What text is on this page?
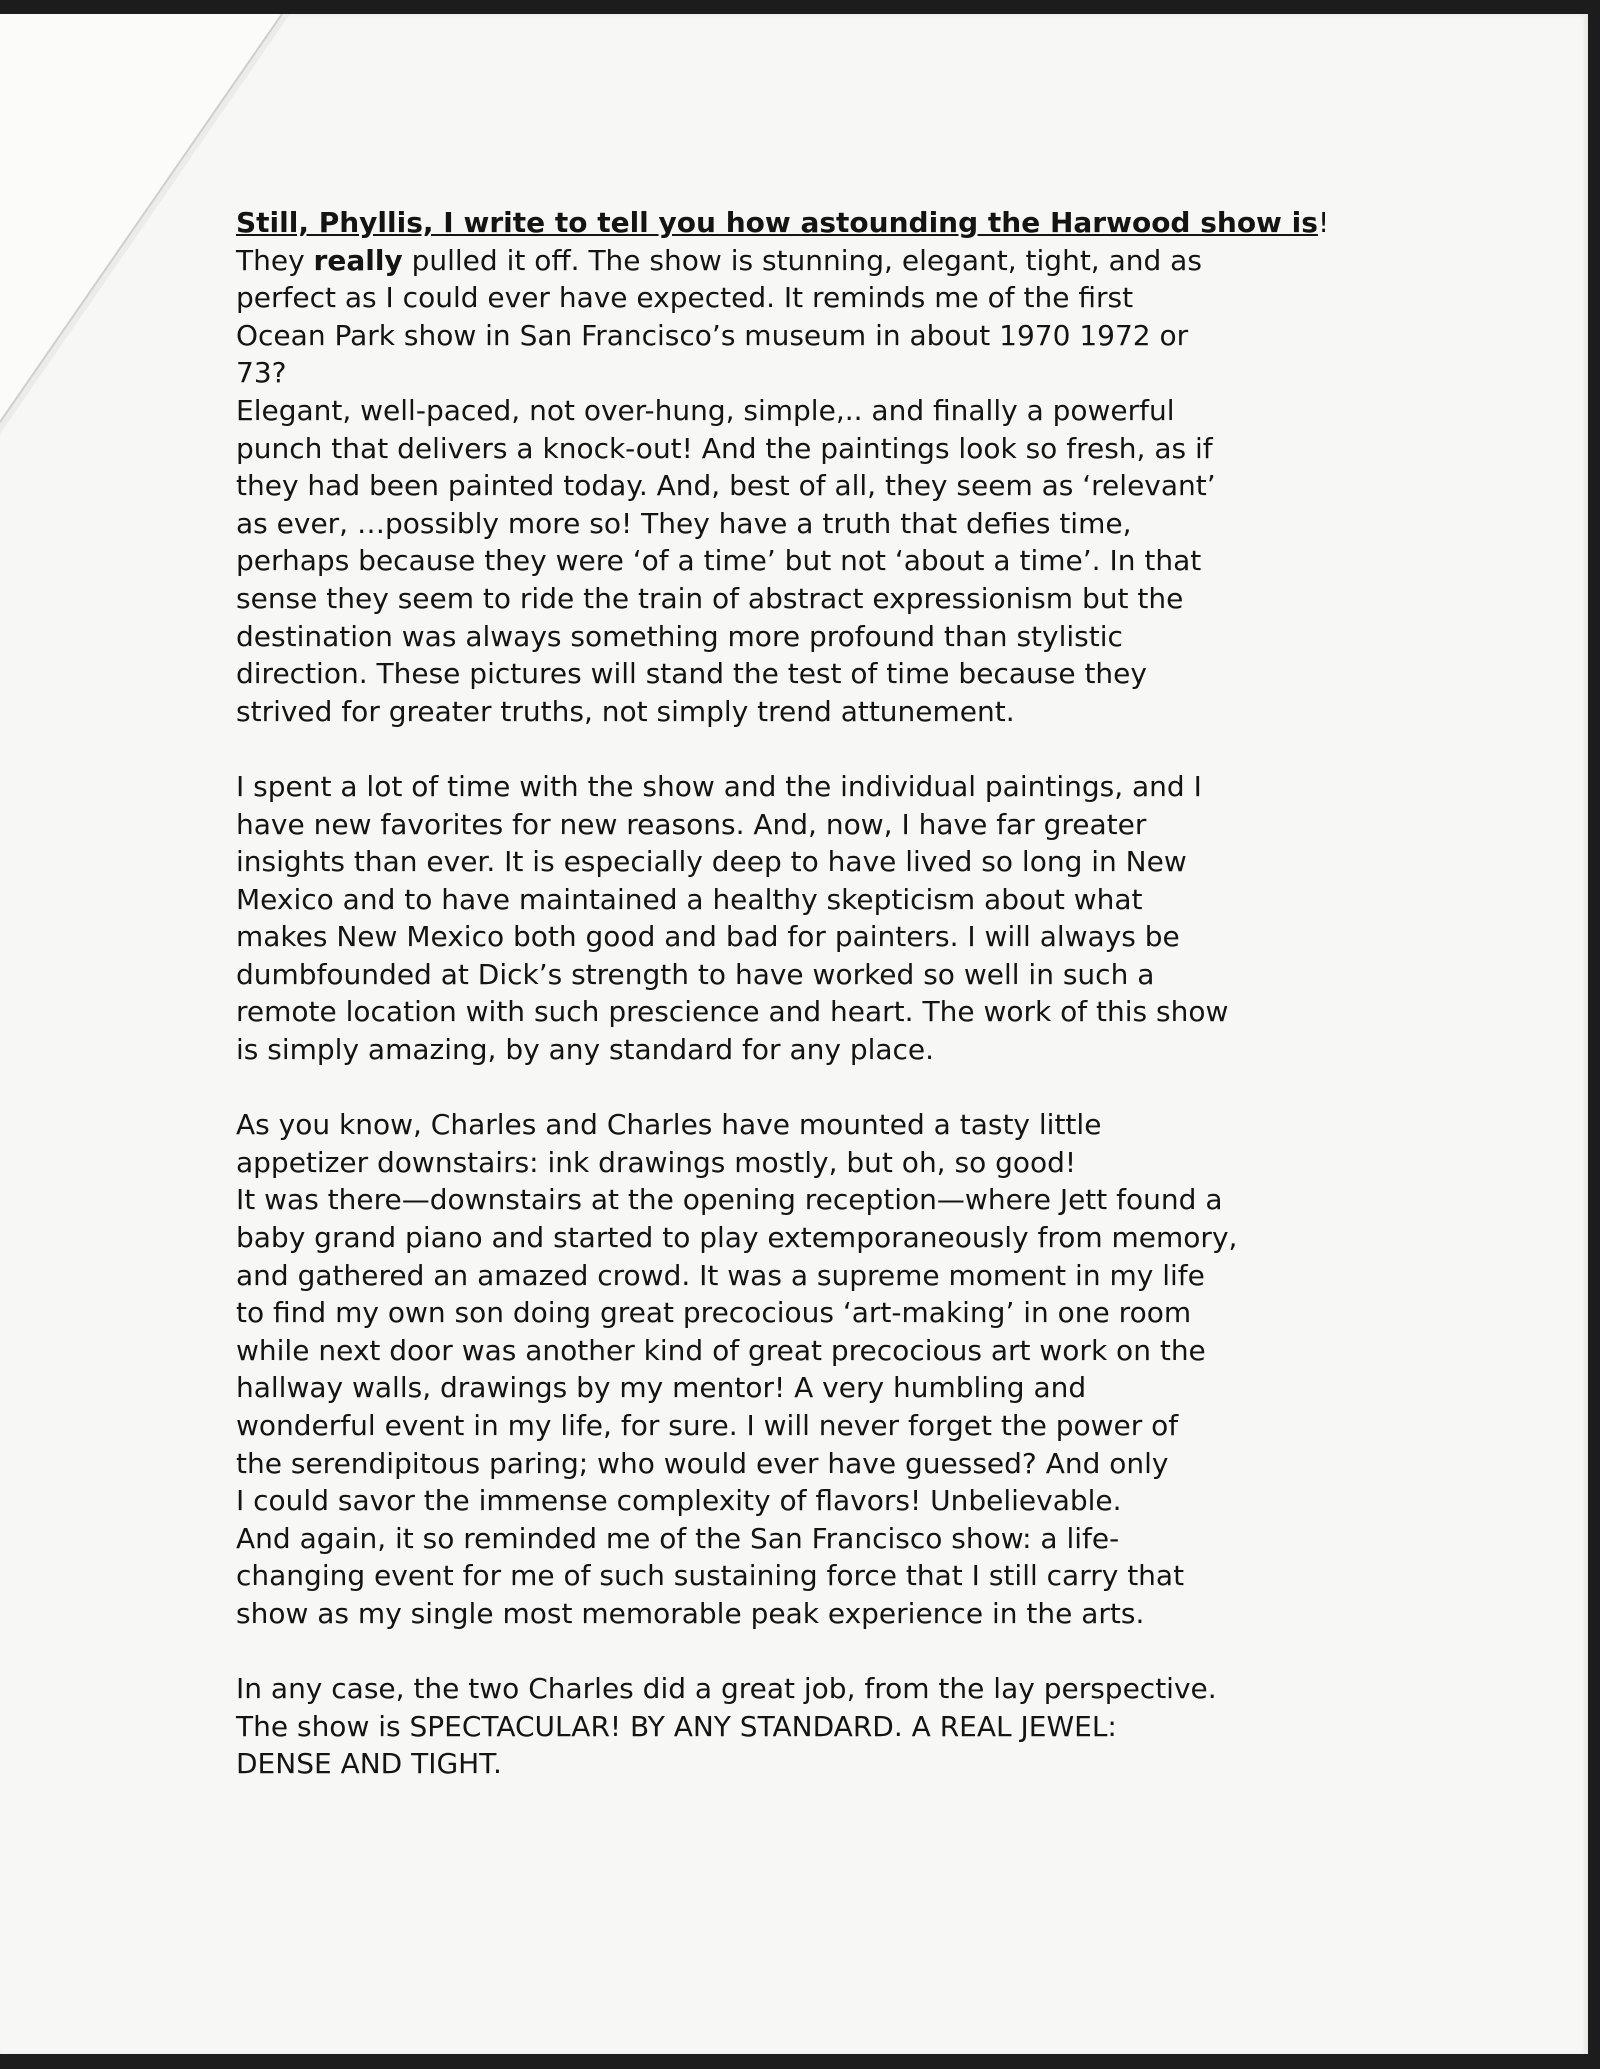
Still, Phyllis, I write to tell you how astounding the Harwood show is!

They really pulled it off. The show is stunning, elegant, tight, and as
perfect as I could ever have expected. It reminds me of the first
Ocean Park show in San Francisco’s museum in about 1970 1972 or
73?
Elegant, well-paced, not over-hung, simple,.. and finally a powerful
punch that delivers a knock-out! And the paintings look so fresh, as if
they had been painted today. And, best of all, they seem as ‘relevant’
as ever, …possibly more so! They have a truth that defies time,
perhaps because they were ‘of a time’ but not ‘about a time’. In that
sense they seem to ride the train of abstract expressionism but the
destination was always something more profound than stylistic
direction. These pictures will stand the test of time because they
strived for greater truths, not simply trend attunement.

I spent a lot of time with the show and the individual paintings, and I
have new favorites for new reasons. And, now, I have far greater
insights than ever. It is especially deep to have lived so long in New
Mexico and to have maintained a healthy skepticism about what
makes New Mexico both good and bad for painters. I will always be
dumbfounded at Dick’s strength to have worked so well in such a
remote location with such prescience and heart. The work of this show
is simply amazing, by any standard for any place.

As you know, Charles and Charles have mounted a tasty little
appetizer downstairs: ink drawings mostly, but oh, so good!
It was there—downstairs at the opening reception—where Jett found a
baby grand piano and started to play extemporaneously from memory,
and gathered an amazed crowd. It was a supreme moment in my life
to find my own son doing great precocious ‘art-making’ in one room
while next door was another kind of great precocious art work on the
hallway walls, drawings by my mentor! A very humbling and
wonderful event in my life, for sure. I will never forget the power of
the serendipitous paring; who would ever have guessed? And only
I could savor the immense complexity of flavors! Unbelievable.
And again, it so reminded me of the San Francisco show: a life-
changing event for me of such sustaining force that I still carry that
show as my single most memorable peak experience in the arts.

In any case, the two Charles did a great job, from the lay perspective.
The show is SPECTACULAR! BY ANY STANDARD. A REAL JEWEL:
DENSE AND TIGHT.
